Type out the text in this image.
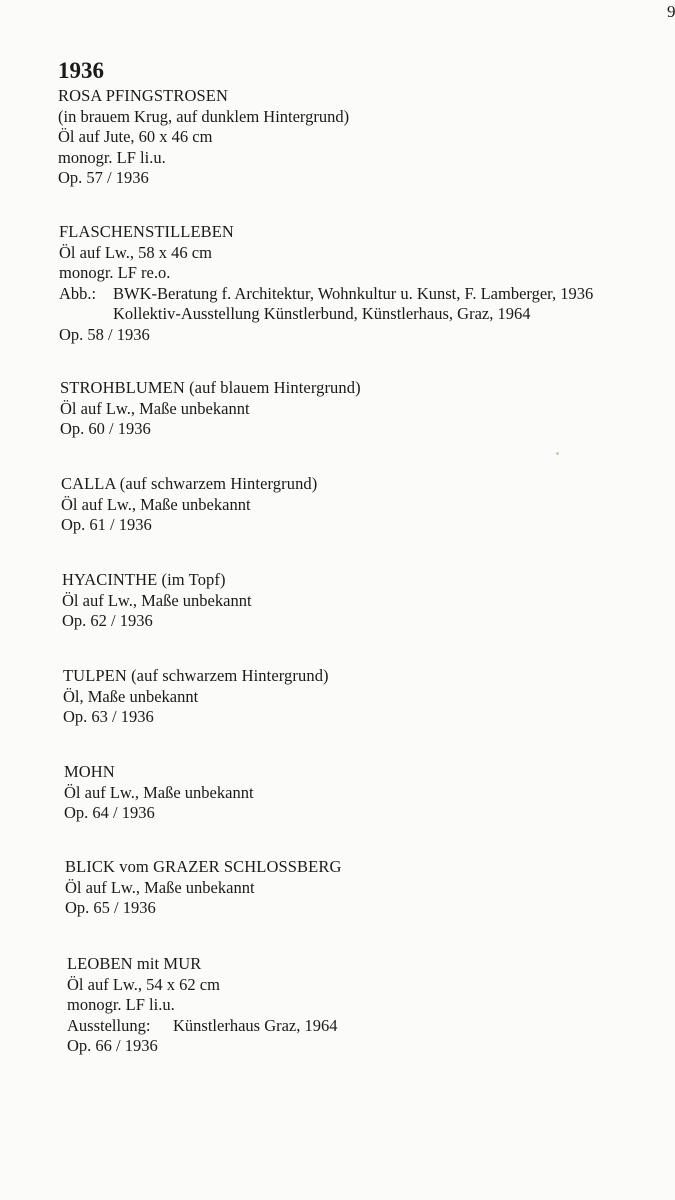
9
1936
ROSA PFINGSTROSEN
(in brauem Krug, auf dunklem Hintergrund)
Öl auf Jute, 60 x 46 cm
monogr. LF li.u.
Op. 57 / 1936
FLASCHENSTILLEBEN
Öl auf Lw., 58 x 46 cm
monogr. LF re.o.
Abb.:	BWK-Beratung f. Architektur, Wohnkultur u. Kunst, F. Lamberger, 1936
Kollektiv-Ausstellung Künstlerbund, Künstlerhaus, Graz, 1964
Op. 58 / 1936
STROHBLUMEN (auf blauem Hintergrund)
Öl auf Lw., Maße unbekannt
Op. 60 / 1936
CALLA (auf schwarzem Hintergrund)
Öl auf Lw., Maße unbekannt
Op. 61 / 1936
HYACINTHE (im Topf)
Öl auf Lw., Maße unbekannt
Op. 62 / 1936
TULPEN (auf schwarzem Hintergrund)
Öl, Maße unbekannt
Op. 63 / 1936
MOHN
Öl auf Lw., Maße unbekannt
Op. 64 / 1936
BLICK vom GRAZER SCHLOSSBERG
Öl auf Lw., Maße unbekannt
Op. 65 / 1936
LEOBEN mit MUR
Öl auf Lw., 54 x 62 cm
monogr. LF li.u.
Ausstellung: Künstlerhaus Graz, 1964
Op. 66 / 1936
